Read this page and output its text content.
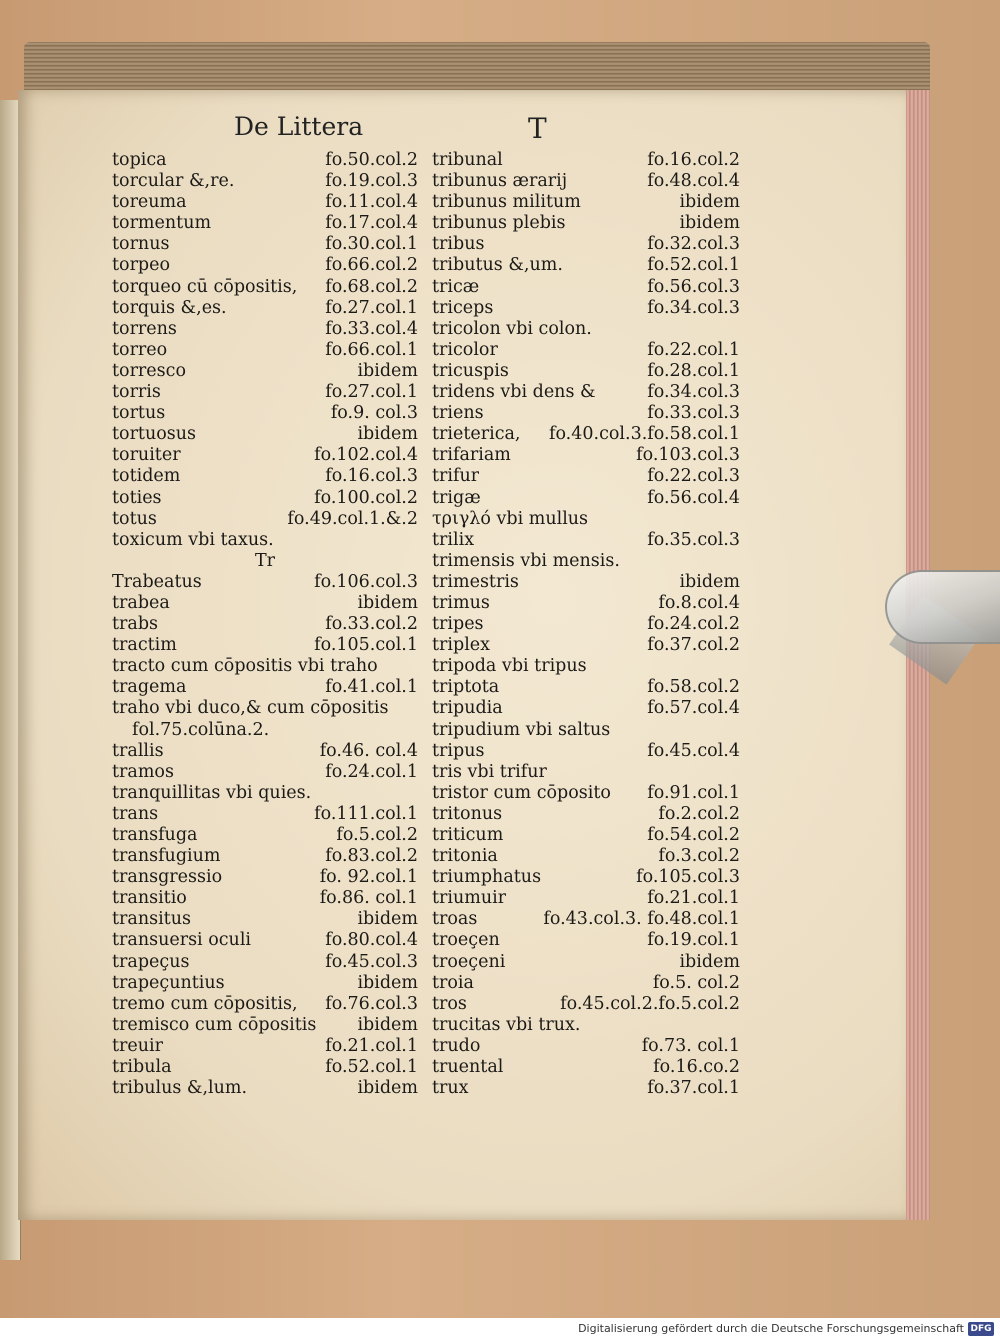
De Littera	T
topica	fo.50.col.2
torcular &,re.	fo.19.col.3
toreuma	fo.11.col.4
tormentum	fo.17.col.4
tornus	fo.30.col.1
torpeo	fo.66.col.2
torqueo cū cōpositis, fo.68.col.2
torquis &,es.	fo.27.col.1
torrens	fo.33.col.4
torreo	fo.66.col.1
torresco	ibidem
torris	fo.27.col.1
tortus	fo.9. col.3
tortuosus	ibidem
toruiter	fo.102.col.4
totidem	fo.16.col.3
toties	fo.100.col.2
totus	fo.49.col.1.&.2
toxicum vbi taxus.
Tr
Trabeatus	fo.106.col.3
trabea	ibidem
trabs	fo.33.col.2
tractim	fo.105.col.1
tracto cum cōpositis vbi traho
tragema	fo.41.col.1
traho vbi duco,& cum cōpositis
fol.75.colūna.2.
trallis	fo.46. col.4
tramos	fo.24.col.1
tranquillitas vbi quies.
trans	fo.111.col.1
transfuga	fo.5.col.2
transfugium	fo.83.col.2
transgressio	fo. 92.col.1
transitio	fo.86. col.1
transitus	ibidem
transuersi oculi	fo.80.col.4
trapeçus	fo.45.col.3
trapeçuntius	ibidem
tremo cum cōpositis, fo.76.col.3
tremisco cum cōpositis ibidem
treuir	fo.21.col.1
tribula	fo.52.col.1
tribulus &,lum.	ibidem
tribunal	fo.16.col.2
tribunus ærarij	fo.48.col.4
tribunus militum	ibidem
tribunus plebis	ibidem
tribus	fo.32.col.3
tributus &,um.	fo.52.col.1
tricæ	fo.56.col.3
triceps	fo.34.col.3
tricolon vbi colon.
tricolor	fo.22.col.1
tricuspis	fo.28.col.1
tridens vbi dens &	fo.34.col.3
triens	fo.33.col.3
trieterica, fo.40.col.3.fo.58.col.1
trifariam	fo.103.col.3
trifur	fo.22.col.3
trigæ	fo.56.col.4
τριγλό vbi mullus
trilix	fo.35.col.3
trimensis vbi mensis.
trimestris	ibidem
trimus	fo.8.col.4
tripes	fo.24.col.2
triplex	fo.37.col.2
tripoda vbi tripus
triptota	fo.58.col.2
tripudia	fo.57.col.4
tripudium vbi saltus
tripus	fo.45.col.4
tris vbi trifur
tristor cum cōposito fo.91.col.1
tritonus	fo.2.col.2
triticum	fo.54.col.2
tritonia	fo.3.col.2
triumphatus	fo.105.col.3
triumuir	fo.21.col.1
troas	fo.43.col.3. fo.48.col.1
troeçen	fo.19.col.1
troeçeni	ibidem
troia	fo.5. col.2
tros	fo.45.col.2.fo.5.col.2
trucitas vbi trux.
trudo	fo.73. col.1
truental	fo.16.co.2
trux	fo.37.col.1
Digitalisierung gefördert durch die Deutsche Forschungsgemeinschaft DFG
